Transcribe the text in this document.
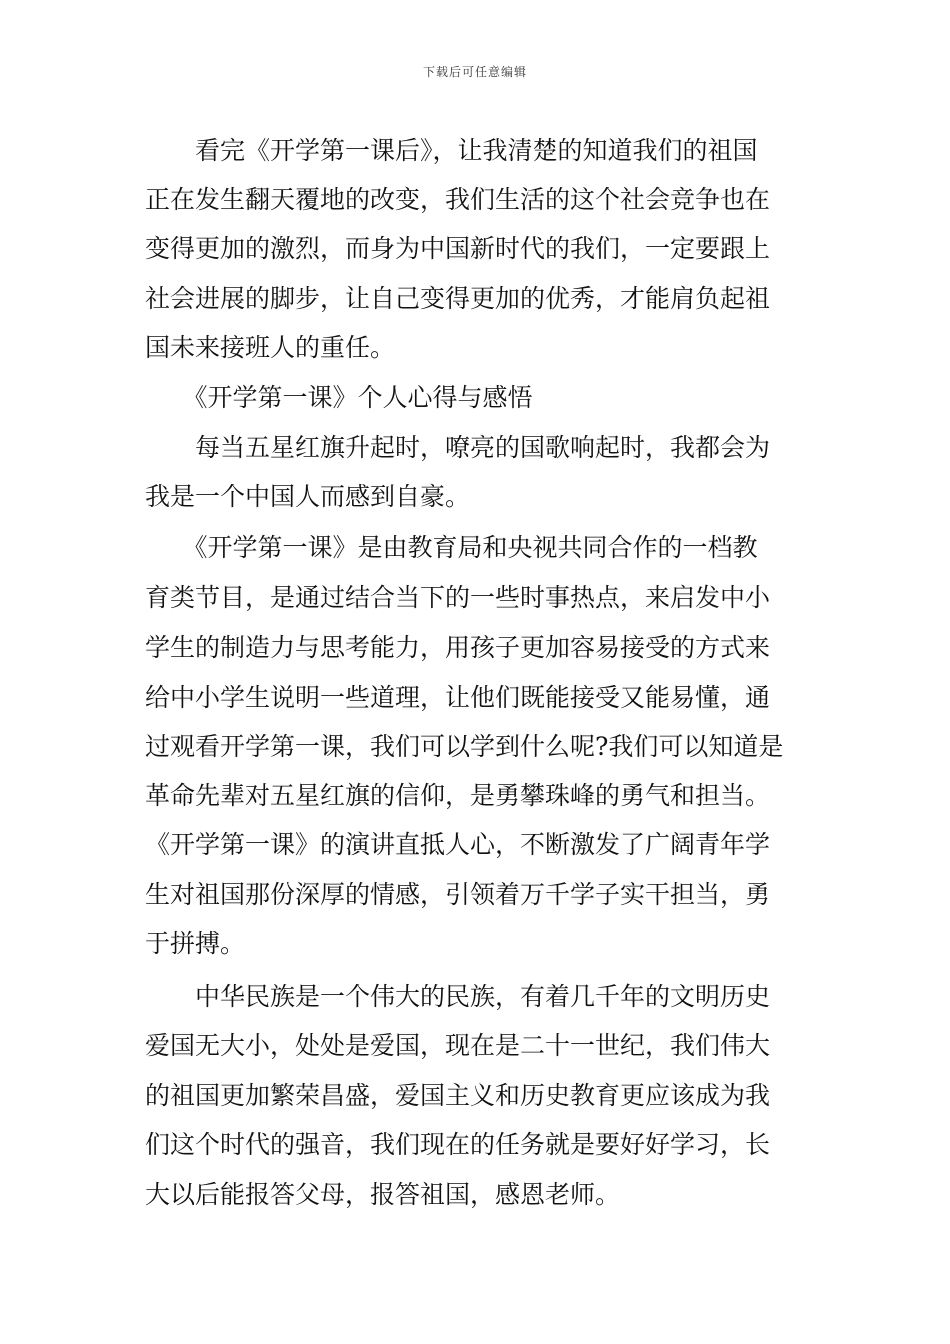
下载后可任意编辑
　　看完《开学第一课后》，让我清楚的知道我们的祖国
正在发生翻天覆地的改变，我们生活的这个社会竞争也在
变得更加的激烈，而身为中国新时代的我们，一定要跟上
社会进展的脚步，让自己变得更加的优秀，才能肩负起祖
国未来接班人的重任。
　　《开学第一课》个人心得与感悟
　　每当五星红旗升起时，嘹亮的国歌响起时，我都会为
我是一个中国人而感到自豪。
　　《开学第一课》是由教育局和央视共同合作的一档教
育类节目，是通过结合当下的一些时事热点，来启发中小
学生的制造力与思考能力，用孩子更加容易接受的方式来
给中小学生说明一些道理，让他们既能接受又能易懂，通
过观看开学第一课，我们可以学到什么呢?我们可以知道是
革命先辈对五星红旗的信仰，是勇攀珠峰的勇气和担当。
《开学第一课》的演讲直抵人心，不断激发了广阔青年学
生对祖国那份深厚的情感，引领着万千学子实干担当，勇
于拼搏。
　　中华民族是一个伟大的民族，有着几千年的文明历史
爱国无大小，处处是爱国，现在是二十一世纪，我们伟大
的祖国更加繁荣昌盛，爱国主义和历史教育更应该成为我
们这个时代的强音，我们现在的任务就是要好好学习，长
大以后能报答父母，报答祖国，感恩老师。
